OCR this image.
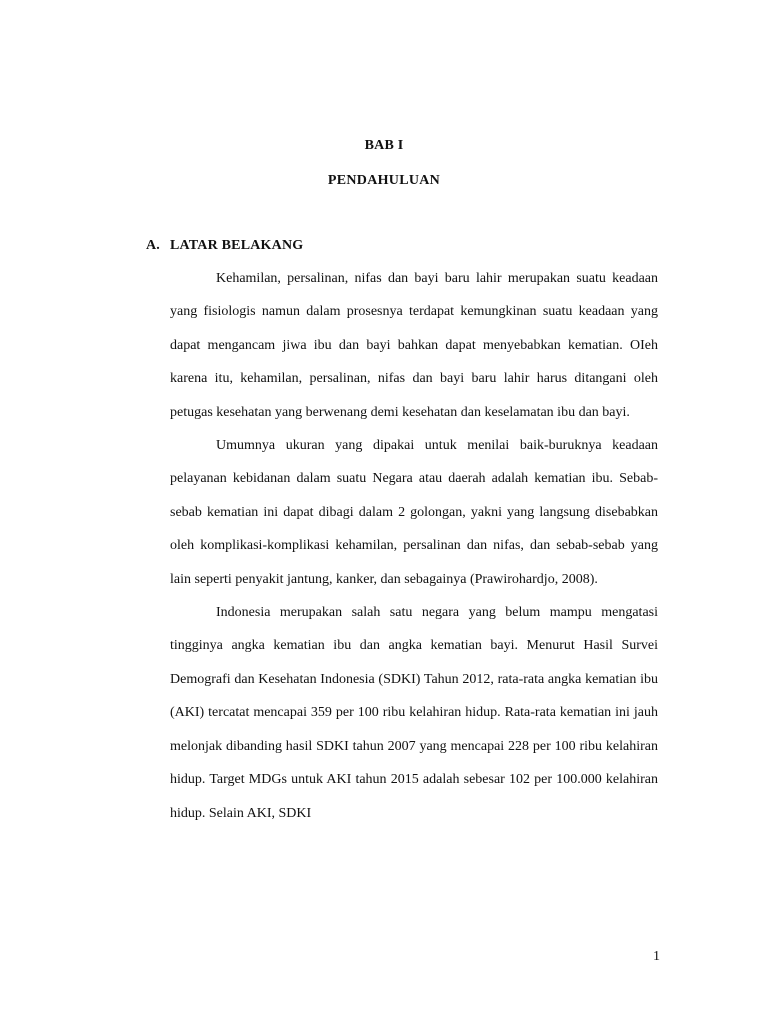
BAB I
PENDAHULUAN
A. LATAR BELAKANG

Kehamilan, persalinan, nifas dan bayi baru lahir merupakan suatu keadaan yang fisiologis namun dalam prosesnya terdapat kemungkinan suatu keadaan yang dapat mengancam jiwa ibu dan bayi bahkan dapat menyebabkan kematian. OIeh karena itu, kehamilan, persalinan, nifas dan bayi baru lahir harus ditangani oleh petugas kesehatan yang berwenang demi kesehatan dan keselamatan ibu dan bayi.

Umumnya ukuran yang dipakai untuk menilai baik-buruknya keadaan pelayanan kebidanan dalam suatu Negara atau daerah adalah kematian ibu. Sebab-sebab kematian ini dapat dibagi dalam 2 golongan, yakni yang langsung disebabkan oleh komplikasi-komplikasi kehamilan, persalinan dan nifas, dan sebab-sebab yang lain seperti penyakit jantung, kanker, dan sebagainya (Prawirohardjo, 2008).

Indonesia merupakan salah satu negara yang belum mampu mengatasi tingginya angka kematian ibu dan angka kematian bayi. Menurut Hasil Survei Demografi dan Kesehatan Indonesia (SDKI) Tahun 2012, rata-rata angka kematian ibu (AKI) tercatat mencapai 359 per 100 ribu kelahiran hidup. Rata-rata kematian ini jauh melonjak dibanding hasil SDKI tahun 2007 yang mencapai 228 per 100 ribu kelahiran hidup. Target MDGs untuk AKI tahun 2015 adalah sebesar 102 per 100.000 kelahiran hidup. Selain AKI, SDKI

1
